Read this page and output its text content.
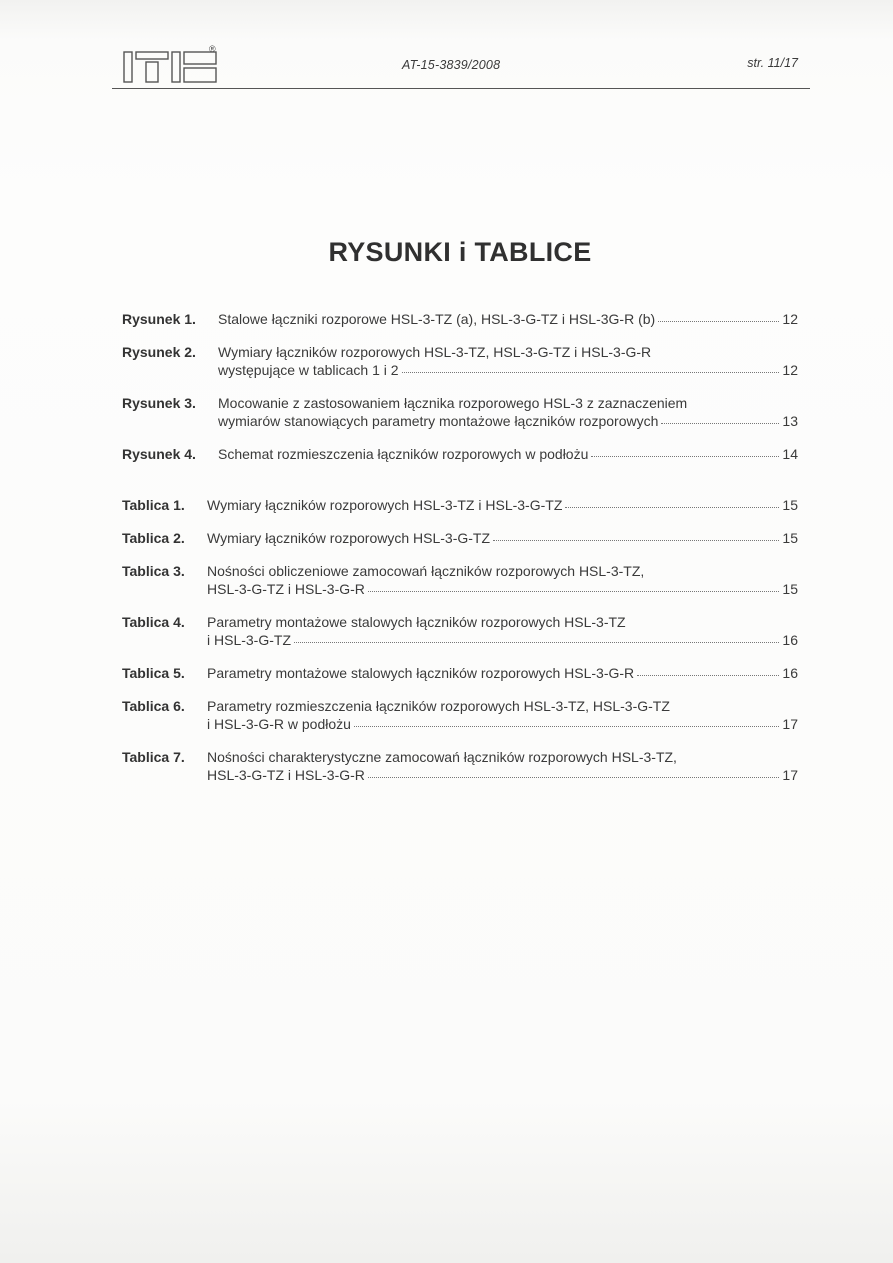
®
AT-15-3839/2008	str. 11/17
RYSUNKI i TABLICE
Rysunek 1. Stalowe łączniki rozporowe HSL-3-TZ (a), HSL-3-G-TZ i HSL-3G-R (b)	12
Rysunek 2. Wymiary łączników rozporowych HSL-3-TZ, HSL-3-G-TZ i HSL-3-G-R
występujące w tablicach 1 i 2	12
Rysunek 3. Mocowanie z zastosowaniem łącznika rozporowego HSL-3 z zaznaczeniem
wymiarów stanowiących parametry montażowe łączników rozporowych	13
Rysunek 4. Schemat rozmieszczenia łączników rozporowych w podłożu	14
Tablica 1. Wymiary łączników rozporowych HSL-3-TZ i HSL-3-G-TZ	15
Tablica 2. Wymiary łączników rozporowych HSL-3-G-TZ	15
Tablica 3. Nośności obliczeniowe zamocowań łączników rozporowych HSL-3-TZ,
HSL-3-G-TZ i HSL-3-G-R	15
Tablica 4. Parametry montażowe stalowych łączników rozporowych HSL-3-TZ
i HSL-3-G-TZ	16
Tablica 5. Parametry montażowe stalowych łączników rozporowych HSL-3-G-R	16
Tablica 6. Parametry rozmieszczenia łączników rozporowych HSL-3-TZ, HSL-3-G-TZ
i HSL-3-G-R w podłożu	17
Tablica 7. Nośności charakterystyczne zamocowań łączników rozporowych HSL-3-TZ,
HSL-3-G-TZ i HSL-3-G-R	17
